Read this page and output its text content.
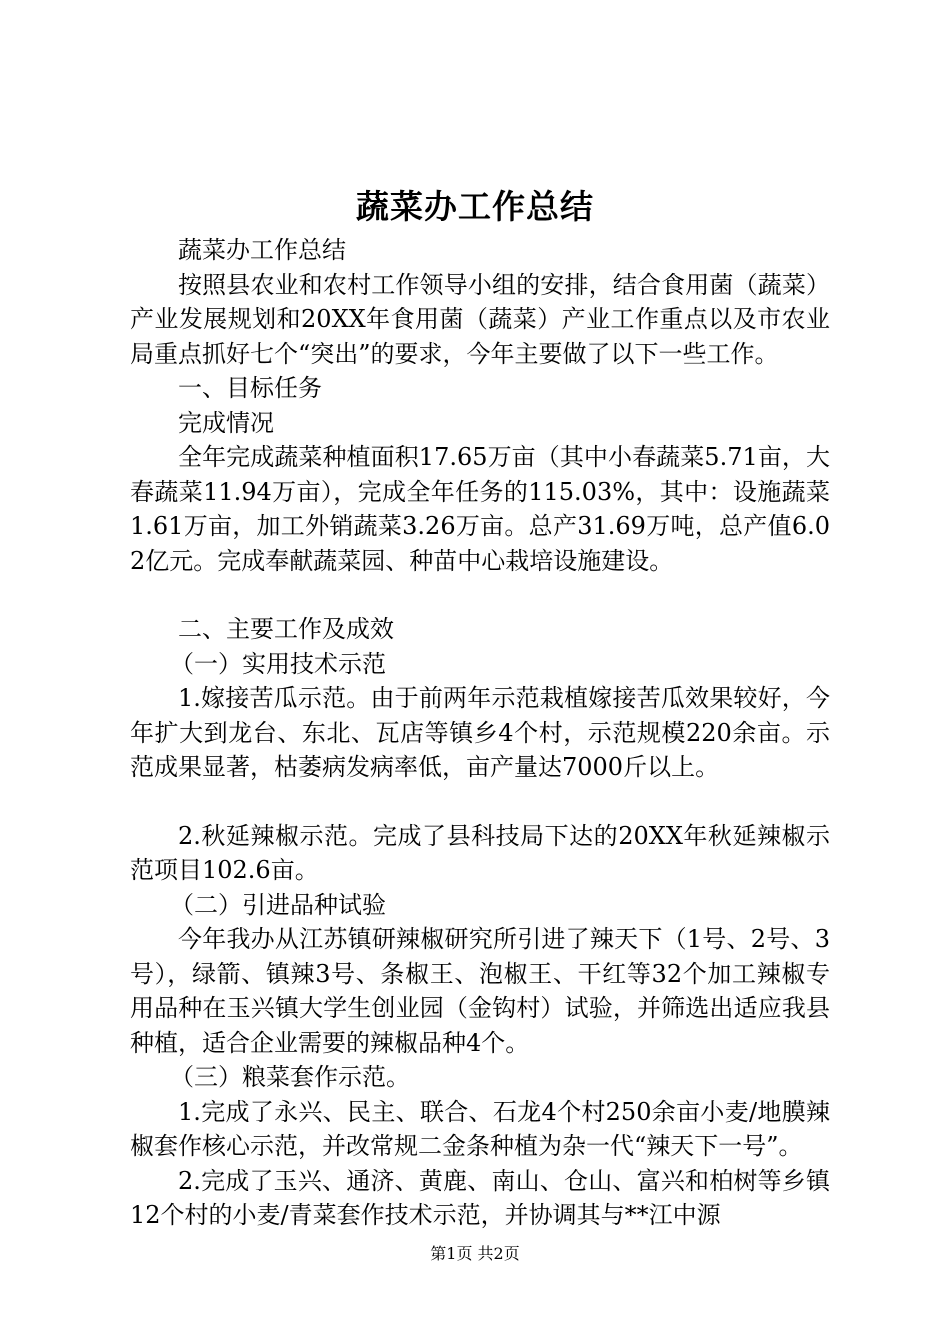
蔬菜办工作总结

蔬菜办工作总结

按照县农业和农村工作领导小组的安排，结合食用菌（蔬菜）产业发展规划和20XX年食用菌（蔬菜）产业工作重点以及市农业局重点抓好七个“突出”的要求，今年主要做了以下一些工作。

一、目标任务

完成情况

全年完成蔬菜种植面积17.65万亩（其中小春蔬菜5.71亩，大春蔬菜11.94万亩），完成全年任务的115.03%，其中：设施蔬菜1.61万亩，加工外销蔬菜3.26万亩。总产31.69万吨，总产值6.02亿元。完成奉献蔬菜园、种苗中心栽培设施建设。

二、主要工作及成效

（一）实用技术示范

1.嫁接苦瓜示范。由于前两年示范栽植嫁接苦瓜效果较好，今年扩大到龙台、东北、瓦店等镇乡4个村，示范规模220余亩。示范成果显著，枯萎病发病率低，亩产量达7000斤以上。

2.秋延辣椒示范。完成了县科技局下达的20XX年秋延辣椒示范项目102.6亩。

（二）引进品种试验

今年我办从江苏镇研辣椒研究所引进了辣天下（1号、2号、3号），绿箭、镇辣3号、条椒王、泡椒王、干红等32个加工辣椒专用品种在玉兴镇大学生创业园（金钩村）试验，并筛选出适应我县种植，适合企业需要的辣椒品种4个。

（三）粮菜套作示范。

1.完成了永兴、民主、联合、石龙4个村250余亩小麦/地膜辣椒套作核心示范，并改常规二金条种植为杂一代“辣天下一号”。

2.完成了玉兴、通济、黄鹿、南山、仓山、富兴和柏树等乡镇12个村的小麦/青菜套作技术示范，并协调其与**江中源

第1页 共2页
